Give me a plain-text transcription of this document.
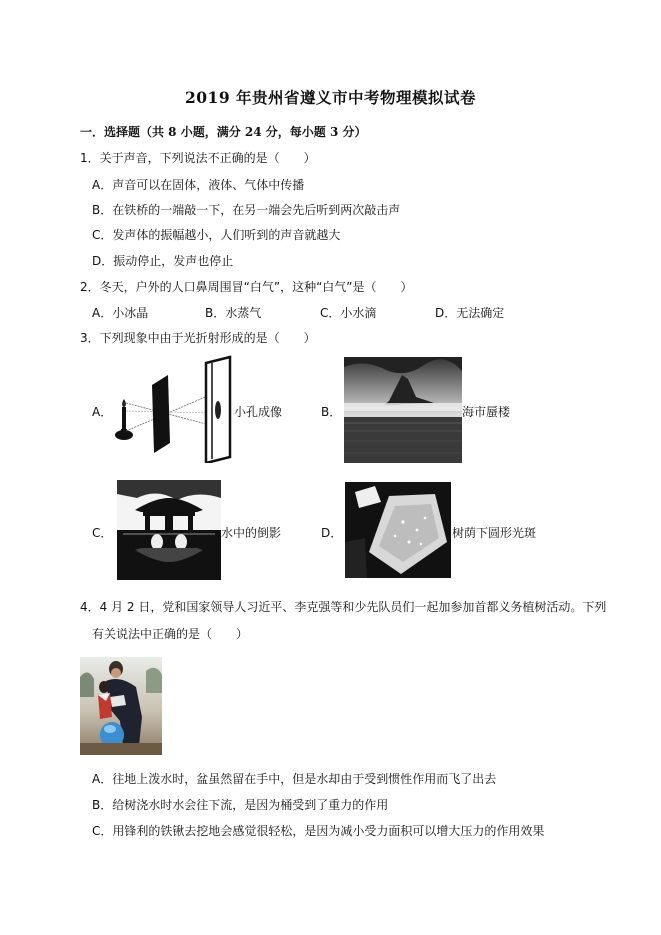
2019 年贵州省遵义市中考物理模拟试卷
一．选择题（共 8 小题，满分 24 分，每小题 3 分）
1．关于声音，下列说法不正确的是（　　）
A．声音可以在固体，液体、气体中传播
B．在铁桥的一端敲一下，在另一端会先后听到两次敲击声
C．发声体的振幅越小，人们听到的声音就越大
D．振动停止，发声也停止
2．冬天，户外的人口鼻周围冒“白气”，这种“白气”是（　　）
A．小冰晶	B．水蒸气	C．小水滴	D．无法确定
3．下列现象中由于光折射形成的是（　　）
A．	小孔成像	B．	海市蜃楼
C．	水中的倒影	D．	树荫下圆形光斑
4．4 月 2 日，党和国家领导人习近平、李克强等和少先队员们一起加参加首都义务植树活动。下列
有关说法中正确的是（　　）
A．往地上泼水时，盆虽然留在手中，但是水却由于受到惯性作用而飞了出去
B．给树浇水时水会往下流，是因为桶受到了重力的作用
C．用锋利的铁锹去挖地会感觉很轻松，是因为减小受力面积可以增大压力的作用效果
